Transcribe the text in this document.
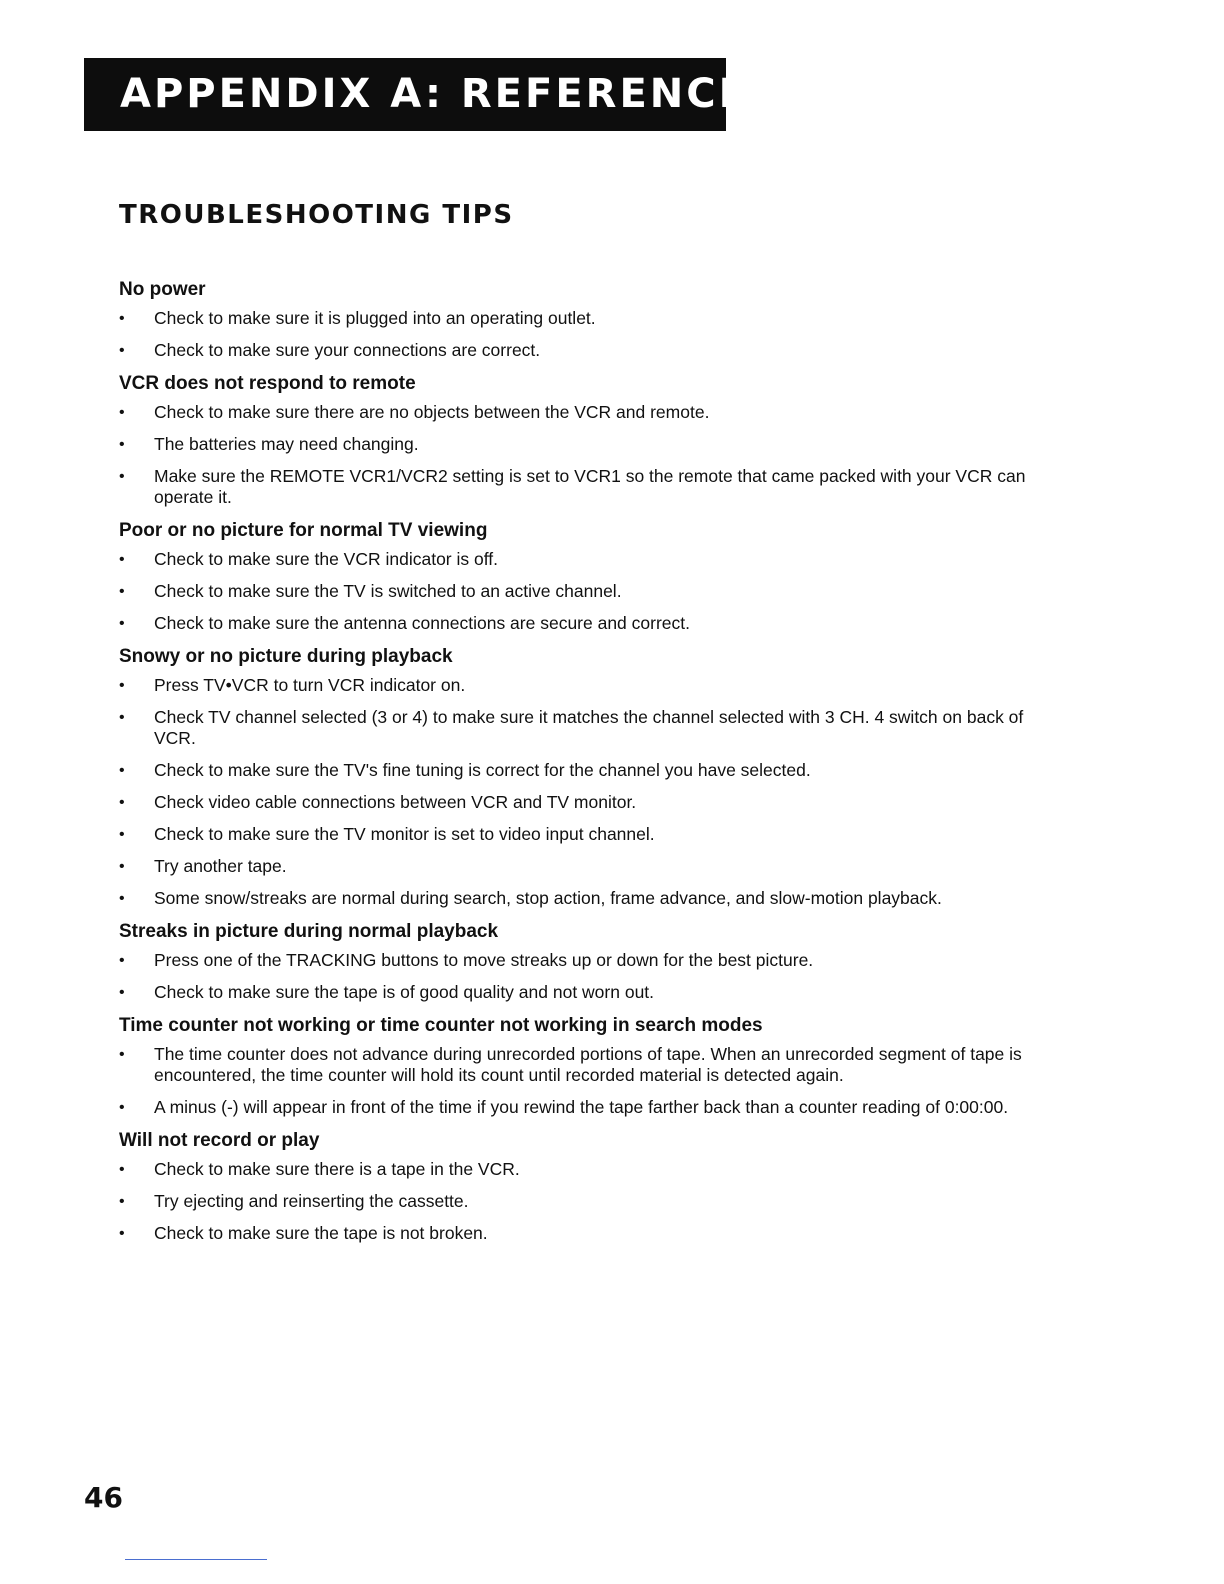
APPENDIX A: REFERENCE
TROUBLESHOOTING TIPS
No power
•	Check to make sure it is plugged into an operating outlet.
•	Check to make sure your connections are correct.
VCR does not respond to remote
•	Check to make sure there are no objects between the VCR and remote.
•	The batteries may need changing.
•	Make sure the REMOTE VCR1/VCR2 setting is set to VCR1 so the remote that came packed with your VCR can operate it.
Poor or no picture for normal TV viewing
•	Check to make sure the VCR indicator is off.
•	Check to make sure the TV is switched to an active channel.
•	Check to make sure the antenna connections are secure and correct.
Snowy or no picture during playback
•	Press TV•VCR to turn VCR indicator on.
•	Check TV channel selected (3 or 4) to make sure it matches the channel selected with 3 CH. 4 switch on back of VCR.
•	Check to make sure the TV's fine tuning is correct for the channel you have selected.
•	Check video cable connections between VCR and TV monitor.
•	Check to make sure the TV monitor is set to video input channel.
•	Try another tape.
•	Some snow/streaks are normal during search, stop action, frame advance, and slow-motion playback.
Streaks in picture during normal playback
•	Press one of the TRACKING buttons to move streaks up or down for the best picture.
•	Check to make sure the tape is of good quality and not worn out.
Time counter not working or time counter not working in search modes
•	The time counter does not advance during unrecorded portions of tape. When an unrecorded segment of tape is encountered, the time counter will hold its count until recorded material is detected again.
•	A minus (-) will appear in front of the time if you rewind the tape farther back than a counter reading of 0:00:00.
Will not record or play
•	Check to make sure there is a tape in the VCR.
•	Try ejecting and reinserting the cassette.
•	Check to make sure the tape is not broken.
46
